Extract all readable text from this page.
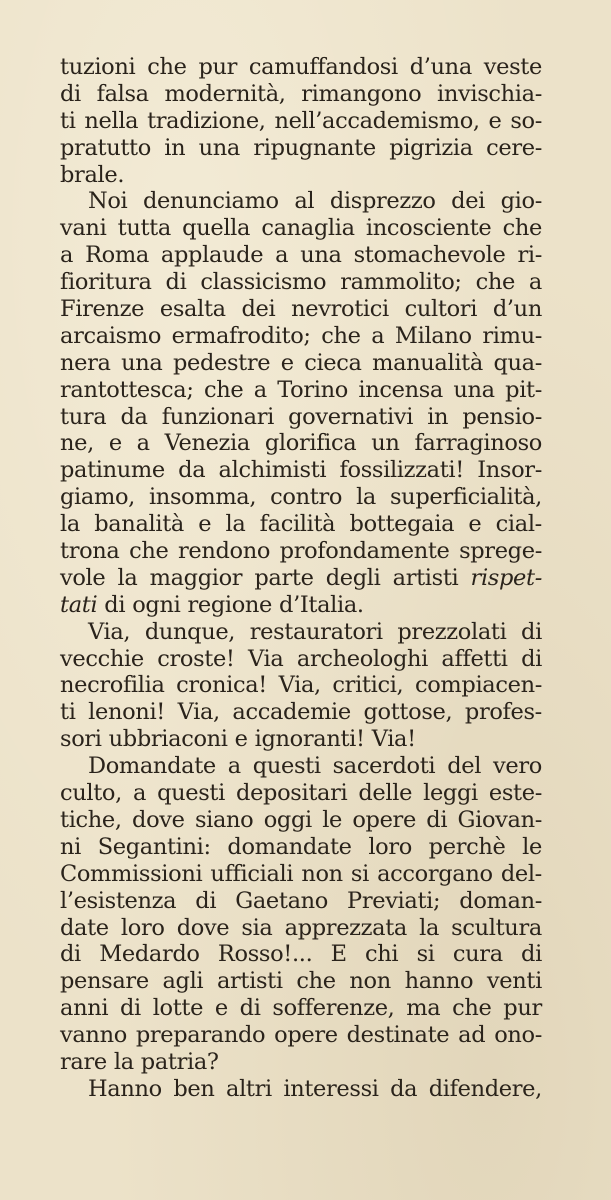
tuzioni che pur camuffandosi d’una veste
di falsa modernità, rimangono invischia-
ti nella tradizione, nell’accademismo, e so-
pratutto in una ripugnante pigrizia cere-
brale.
Noi denunciamo al disprezzo dei gio-
vani tutta quella canaglia incosciente che
a Roma applaude a una stomachevole ri-
fioritura di classicismo rammolito; che a
Firenze esalta dei nevrotici cultori d’un
arcaismo ermafrodito; che a Milano rimu-
nera una pedestre e cieca manualità qua-
rantottesca; che a Torino incensa una pit-
tura da funzionari governativi in pensio-
ne, e a Venezia glorifica un farraginoso
patinume da alchimisti fossilizzati! Insor-
giamo, insomma, contro la superficialità,
la banalità e la facilità bottegaia e cial-
trona che rendono profondamente sprege-
vole la maggior parte degli artisti rispet-
tati di ogni regione d’Italia.
Via, dunque, restauratori prezzolati di
vecchie croste! Via archeologhi affetti di
necrofilia cronica! Via, critici, compiacen-
ti lenoni! Via, accademie gottose, profes-
sori ubbriaconi e ignoranti! Via!
Domandate a questi sacerdoti del vero
culto, a questi depositari delle leggi este-
tiche, dove siano oggi le opere di Giovan-
ni Segantini: domandate loro perchè le
Commissioni ufficiali non si accorgano del-
l’esistenza di Gaetano Previati; doman-
date loro dove sia apprezzata la scultura
di Medardo Rosso!... E chi si cura di
pensare agli artisti che non hanno venti
anni di lotte e di sofferenze, ma che pur
vanno preparando opere destinate ad ono-
rare la patria?
Hanno ben altri interessi da difendere,
